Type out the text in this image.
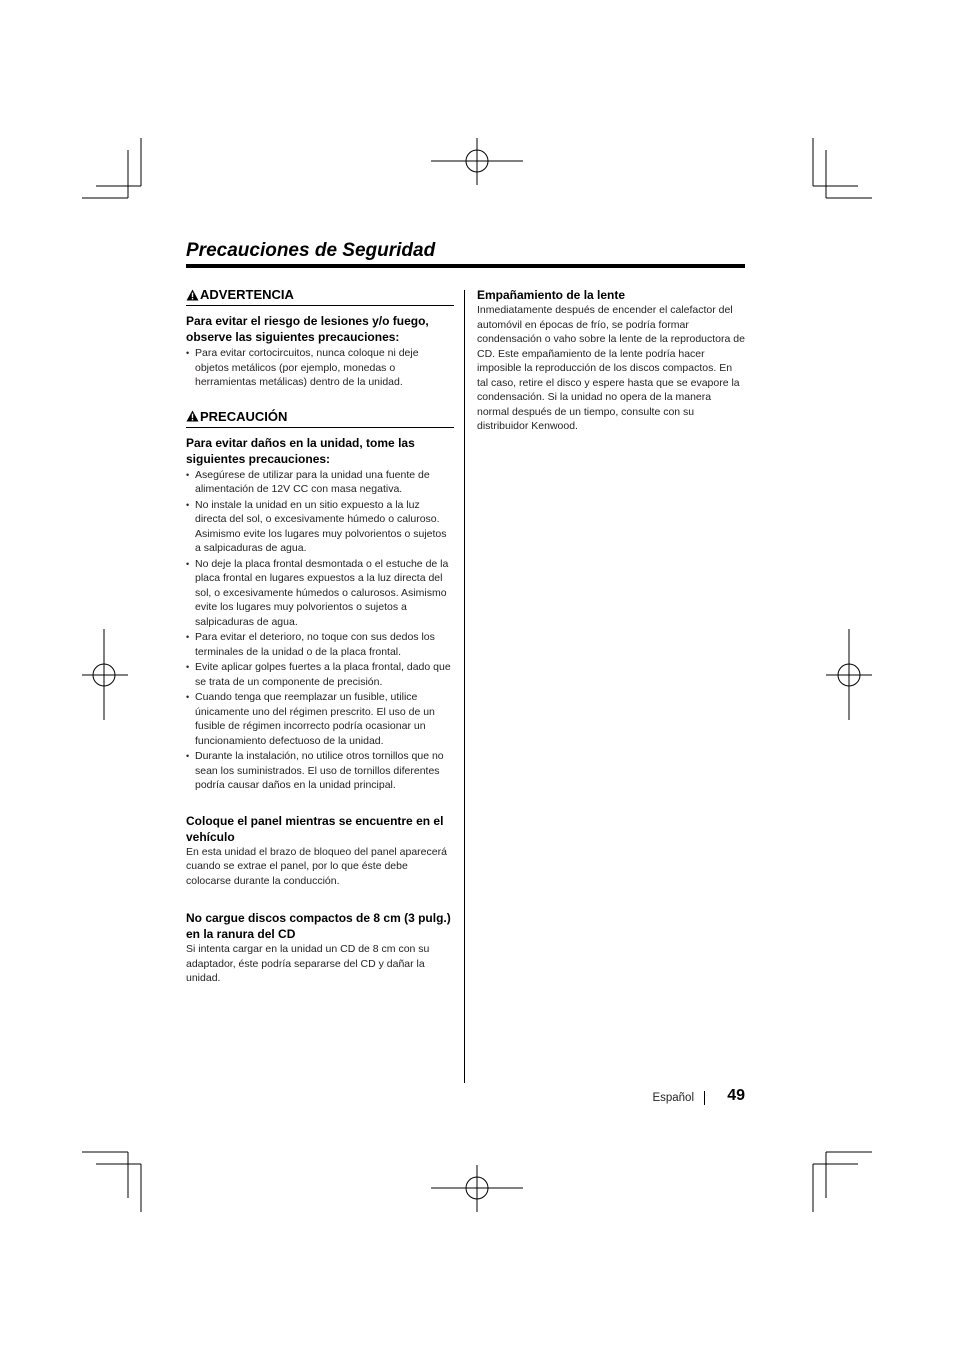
Precauciones de Seguridad
ADVERTENCIA

Para evitar el riesgo de lesiones y/o fuego, observe las siguientes precauciones:

• Para evitar cortocircuitos, nunca coloque ni deje objetos metálicos (por ejemplo, monedas o herramientas metálicas) dentro de la unidad.
PRECAUCIÓN

Para evitar daños en la unidad, tome las siguientes precauciones:

• Asegúrese de utilizar para la unidad una fuente de alimentación de 12V CC con masa negativa.
• No instale la unidad en un sitio expuesto a la luz directa del sol, o excesivamente húmedo o caluroso. Asimismo evite los lugares muy polvorientos o sujetos a salpicaduras de agua.
• No deje la placa frontal desmontada o el estuche de la placa frontal en lugares expuestos a la luz directa del sol, o excesivamente húmedos o calurosos. Asimismo evite los lugares muy polvorientos o sujetos a salpicaduras de agua.
• Para evitar el deterioro, no toque con sus dedos los terminales de la unidad o de la placa frontal.
• Evite aplicar golpes fuertes a la placa frontal, dado que se trata de un componente de precisión.
• Cuando tenga que reemplazar un fusible, utilice únicamente uno del régimen prescrito. El uso de un fusible de régimen incorrecto podría ocasionar un funcionamiento defectuoso de la unidad.
• Durante la instalación, no utilice otros tornillos que no sean los suministrados. El uso de tornillos diferentes podría causar daños en la unidad principal.

Coloque el panel mientras se encuentre en el vehículo

En esta unidad el brazo de bloqueo del panel aparecerá cuando se extrae el panel, por lo que éste debe colocarse durante la conducción.

No cargue discos compactos de 8 cm (3 pulg.) en la ranura del CD

Si intenta cargar en la unidad un CD de 8 cm con su adaptador, éste podría separarse del CD y dañar la unidad.

Empañamiento de la lente

Inmediatamente después de encender el calefactor del automóvil en épocas de frío, se podría formar condensación o vaho sobre la lente de la reproductora de CD. Este empañamiento de la lente podría hacer imposible la reproducción de los discos compactos. En tal caso, retire el disco y espere hasta que se evapore la condensación. Si la unidad no opera de la manera normal después de un tiempo, consulte con su distribuidor Kenwood.

Español 49
